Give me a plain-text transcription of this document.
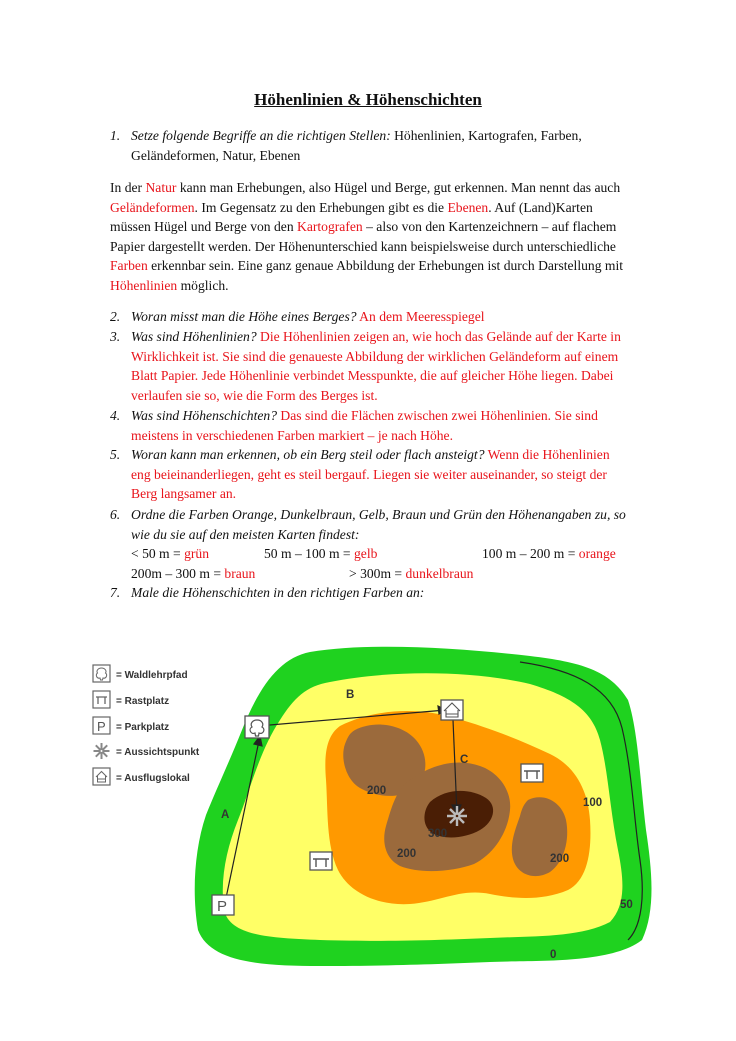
Höhenlinien & Höhenschichten
1. Setze folgende Begriffe an die richtigen Stellen: Höhenlinien, Kartografen, Farben,
Geländeformen, Natur, Ebenen
In der Natur kann man Erhebungen, also Hügel und Berge, gut erkennen. Man nennt das auch
Geländeformen. Im Gegensatz zu den Erhebungen gibt es die Ebenen. Auf (Land)Karten
müssen Hügel und Berge von den Kartografen – also von den Kartenzeichnern – auf flachem
Papier dargestellt werden. Der Höhenunterschied kann beispielsweise durch unterschiedliche
Farben erkennbar sein. Eine ganz genaue Abbildung der Erhebungen ist durch Darstellung mit
Höhenlinien möglich.
2. Woran misst man die Höhe eines Berges? An dem Meeresspiegel
3. Was sind Höhenlinien? Die Höhenlinien zeigen an, wie hoch das Gelände auf der Karte in
Wirklichkeit ist. Sie sind die genaueste Abbildung der wirklichen Geländeform auf einem
Blatt Papier. Jede Höhenlinie verbindet Messpunkte, die auf gleicher Höhe liegen. Dabei
verlaufen sie so, wie die Form des Berges ist.
4. Was sind Höhenschichten? Das sind die Flächen zwischen zwei Höhenlinien. Sie sind
meistens in verschiedenen Farben markiert – je nach Höhe.
5. Woran kann man erkennen, ob ein Berg steil oder flach ansteigt? Wenn die Höhenlinien
eng beieinanderliegen, geht es steil bergauf. Liegen sie weiter auseinander, so steigt der
Berg langsamer an.
6. Ordne die Farben Orange, Dunkelbraun, Gelb, Braun und Grün den Höhenangaben zu, so
wie du sie auf den meisten Karten findest:
< 50 m = grün	50 m – 100 m = gelb	100 m – 200 m = orange
200m – 300 m = braun	> 300m = dunkelbraun
7. Male die Höhenschichten in den richtigen Farben an:
= Waldlehrpfad
= Rastplatz
P = Parkplatz
= Aussichtspunkt
= Ausflugslokal
P
B
A
C
200
200	200
300
100
50
0
